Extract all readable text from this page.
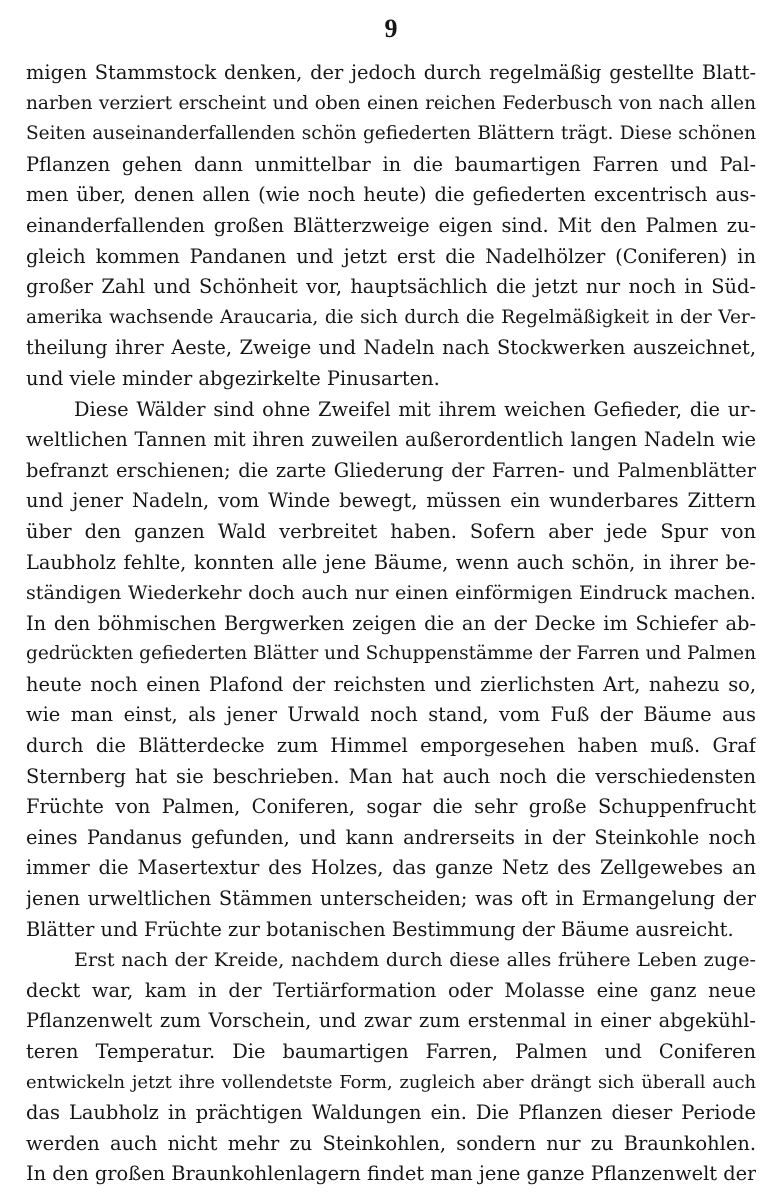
9
migen Stammstock denken, der jedoch durch regelmäßig gestellte Blatt-
narben verziert erscheint und oben einen reichen Federbusch von nach allen
Seiten auseinanderfallenden schön gefiederten Blättern trägt. Diese schönen
Pflanzen gehen dann unmittelbar in die baumartigen Farren und Pal-
men über, denen allen (wie noch heute) die gefiederten excentrisch aus-
einanderfallenden großen Blätterzweige eigen sind. Mit den Palmen zu-
gleich kommen Pandanen und jetzt erst die Nadelhölzer (Coniferen) in
großer Zahl und Schönheit vor, hauptsächlich die jetzt nur noch in Süd-
amerika wachsende Araucaria, die sich durch die Regelmäßigkeit in der Ver-
theilung ihrer Aeste, Zweige und Nadeln nach Stockwerken auszeichnet,
und viele minder abgezirkelte Pinusarten.
Diese Wälder sind ohne Zweifel mit ihrem weichen Gefieder, die ur-
weltlichen Tannen mit ihren zuweilen außerordentlich langen Nadeln wie
befranzt erschienen; die zarte Gliederung der Farren- und Palmenblätter
und jener Nadeln, vom Winde bewegt, müssen ein wunderbares Zittern
über den ganzen Wald verbreitet haben. Sofern aber jede Spur von
Laubholz fehlte, konnten alle jene Bäume, wenn auch schön, in ihrer be-
ständigen Wiederkehr doch auch nur einen einförmigen Eindruck machen.
In den böhmischen Bergwerken zeigen die an der Decke im Schiefer ab-
gedrückten gefiederten Blätter und Schuppenstämme der Farren und Palmen
heute noch einen Plafond der reichsten und zierlichsten Art, nahezu so,
wie man einst, als jener Urwald noch stand, vom Fuß der Bäume aus
durch die Blätterdecke zum Himmel emporgesehen haben muß. Graf
Sternberg hat sie beschrieben. Man hat auch noch die verschiedensten
Früchte von Palmen, Coniferen, sogar die sehr große Schuppenfrucht
eines Pandanus gefunden, und kann andrerseits in der Steinkohle noch
immer die Masertextur des Holzes, das ganze Netz des Zellgewebes an
jenen urweltlichen Stämmen unterscheiden; was oft in Ermangelung der
Blätter und Früchte zur botanischen Bestimmung der Bäume ausreicht.
Erst nach der Kreide, nachdem durch diese alles frühere Leben zuge-
deckt war, kam in der Tertiärformation oder Molasse eine ganz neue
Pflanzenwelt zum Vorschein, und zwar zum erstenmal in einer abgekühl-
teren Temperatur. Die baumartigen Farren, Palmen und Coniferen
entwickeln jetzt ihre vollendetste Form, zugleich aber drängt sich überall auch
das Laubholz in prächtigen Waldungen ein. Die Pflanzen dieser Periode
werden auch nicht mehr zu Steinkohlen, sondern nur zu Braunkohlen.
In den großen Braunkohlenlagern findet man jene ganze Pflanzenwelt der
